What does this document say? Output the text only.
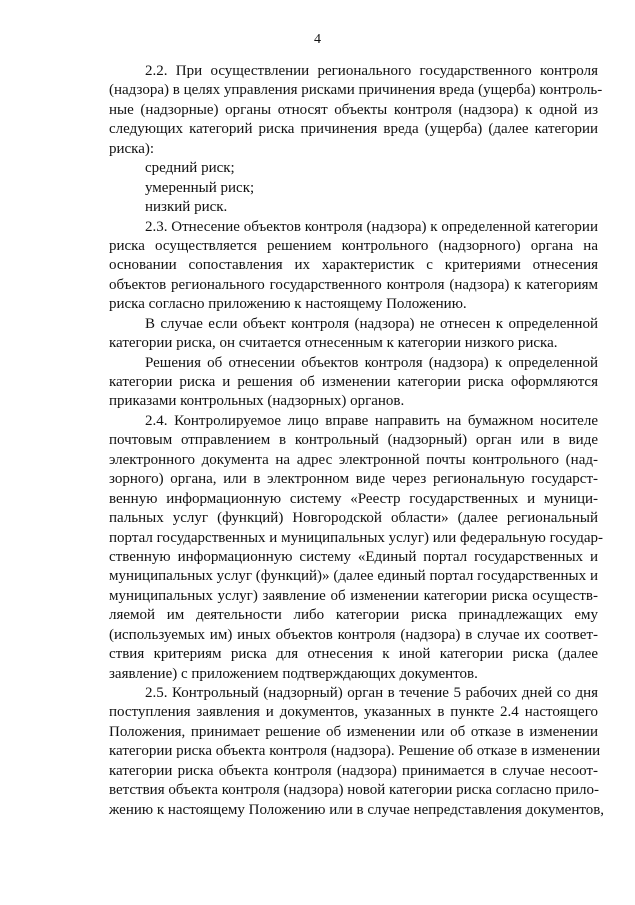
4
2.2. При осуществлении регионального государственного контроля
(надзора) в целях управления рисками причинения вреда (ущерба) контроль-
ные (надзорные) органы относят объекты контроля (надзора) к одной из
следующих категорий риска причинения вреда (ущерба) (далее категории
риска):
средний риск;
умеренный риск;
низкий риск.
2.3. Отнесение объектов контроля (надзора) к определенной категории
риска осуществляется решением контрольного (надзорного) органа на
основании сопоставления их характеристик с критериями отнесения
объектов регионального государственного контроля (надзора) к категориям
риска согласно приложению к настоящему Положению.
В случае если объект контроля (надзора) не отнесен к определенной
категории риска, он считается отнесенным к категории низкого риска.
Решения об отнесении объектов контроля (надзора) к определенной
категории риска и решения об изменении категории риска оформляются
приказами контрольных (надзорных) органов.
2.4. Контролируемое лицо вправе направить на бумажном носителе
почтовым отправлением в контрольный (надзорный) орган или в виде
электронного документа на адрес электронной почты контрольного (над-
зорного) органа, или в электронном виде через региональную государст-
венную информационную систему «Реестр государственных и муници-
пальных услуг (функций) Новгородской области» (далее региональный
портал государственных и муниципальных услуг) или федеральную государ-
ственную информационную систему «Единый портал государственных и
муниципальных услуг (функций)» (далее единый портал государственных и
муниципальных услуг) заявление об изменении категории риска осуществ-
ляемой им деятельности либо категории риска принадлежащих ему
(используемых им) иных объектов контроля (надзора) в случае их соответ-
ствия критериям риска для отнесения к иной категории риска (далее
заявление) с приложением подтверждающих документов.
2.5. Контрольный (надзорный) орган в течение 5 рабочих дней со дня
поступления заявления и документов, указанных в пункте 2.4 настоящего
Положения, принимает решение об изменении или об отказе в изменении
категории риска объекта контроля (надзора). Решение об отказе в изменении
категории риска объекта контроля (надзора) принимается в случае несоот-
ветствия объекта контроля (надзора) новой категории риска согласно прило-
жению к настоящему Положению или в случае непредставления документов,
